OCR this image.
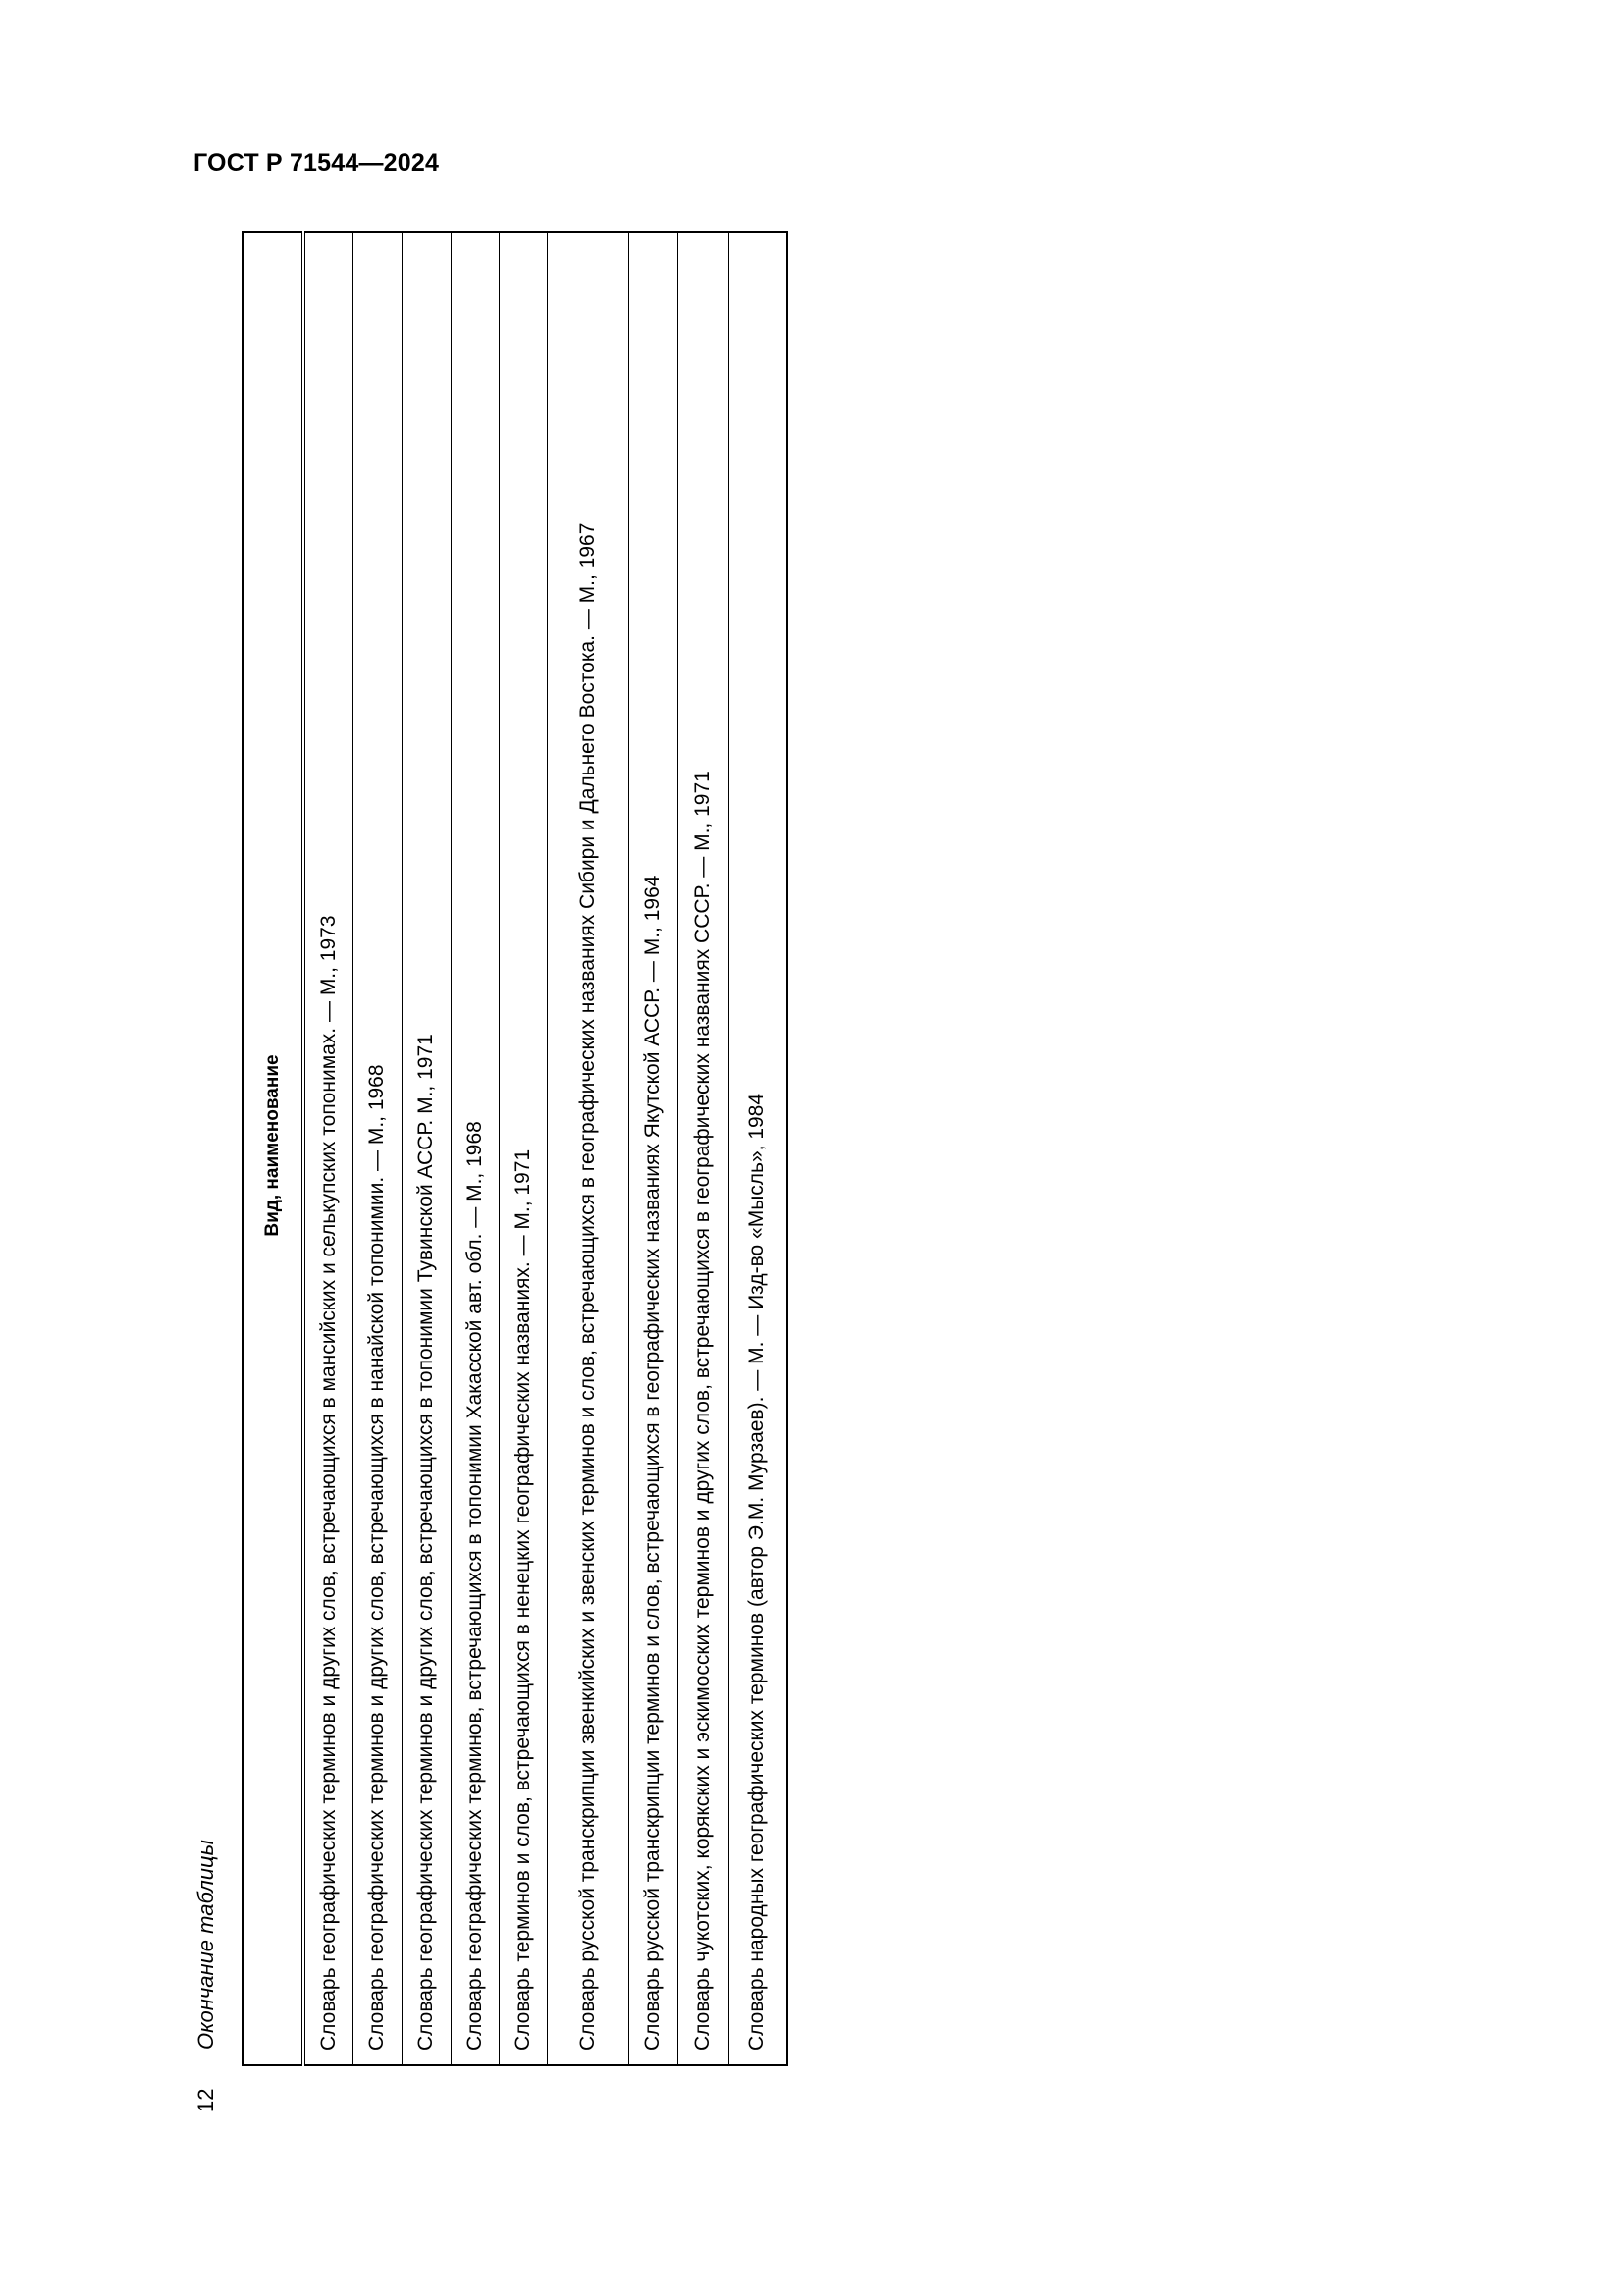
ГОСТ Р 71544—2024
Окончание таблицы
12
Вид, наименование
Словарь географических терминов и других слов, встречающихся в мансийских и селькупских топонимах. — М., 1973
Словарь географических терминов и других слов, встречающихся в нанайской топонимии. — М., 1968
Словарь географических терминов и других слов, встречающихся в топонимии Тувинской АССР. М., 1971
Словарь географических терминов, встречающихся в топонимии Хакасской авт. обл. — М., 1968
Словарь терминов и слов, встречающихся в ненецких географических названиях. — М., 1971
Словарь русской транскрипции звенкийских и звенских терминов и слов, встречающихся в географических названиях Сибири и Дальнего Востока. — М., 1967
Словарь русской транскрипции терминов и слов, встречающихся в географических названиях Якутской АССР. — М., 1964
Словарь чукотских, корякских и эскимосских терминов и других слов, встречающихся в географических названиях СССР. — М., 1971
Словарь народных географических терминов (автор Э.М. Мурзаев). — М. — Изд-во «Мысль», 1984
